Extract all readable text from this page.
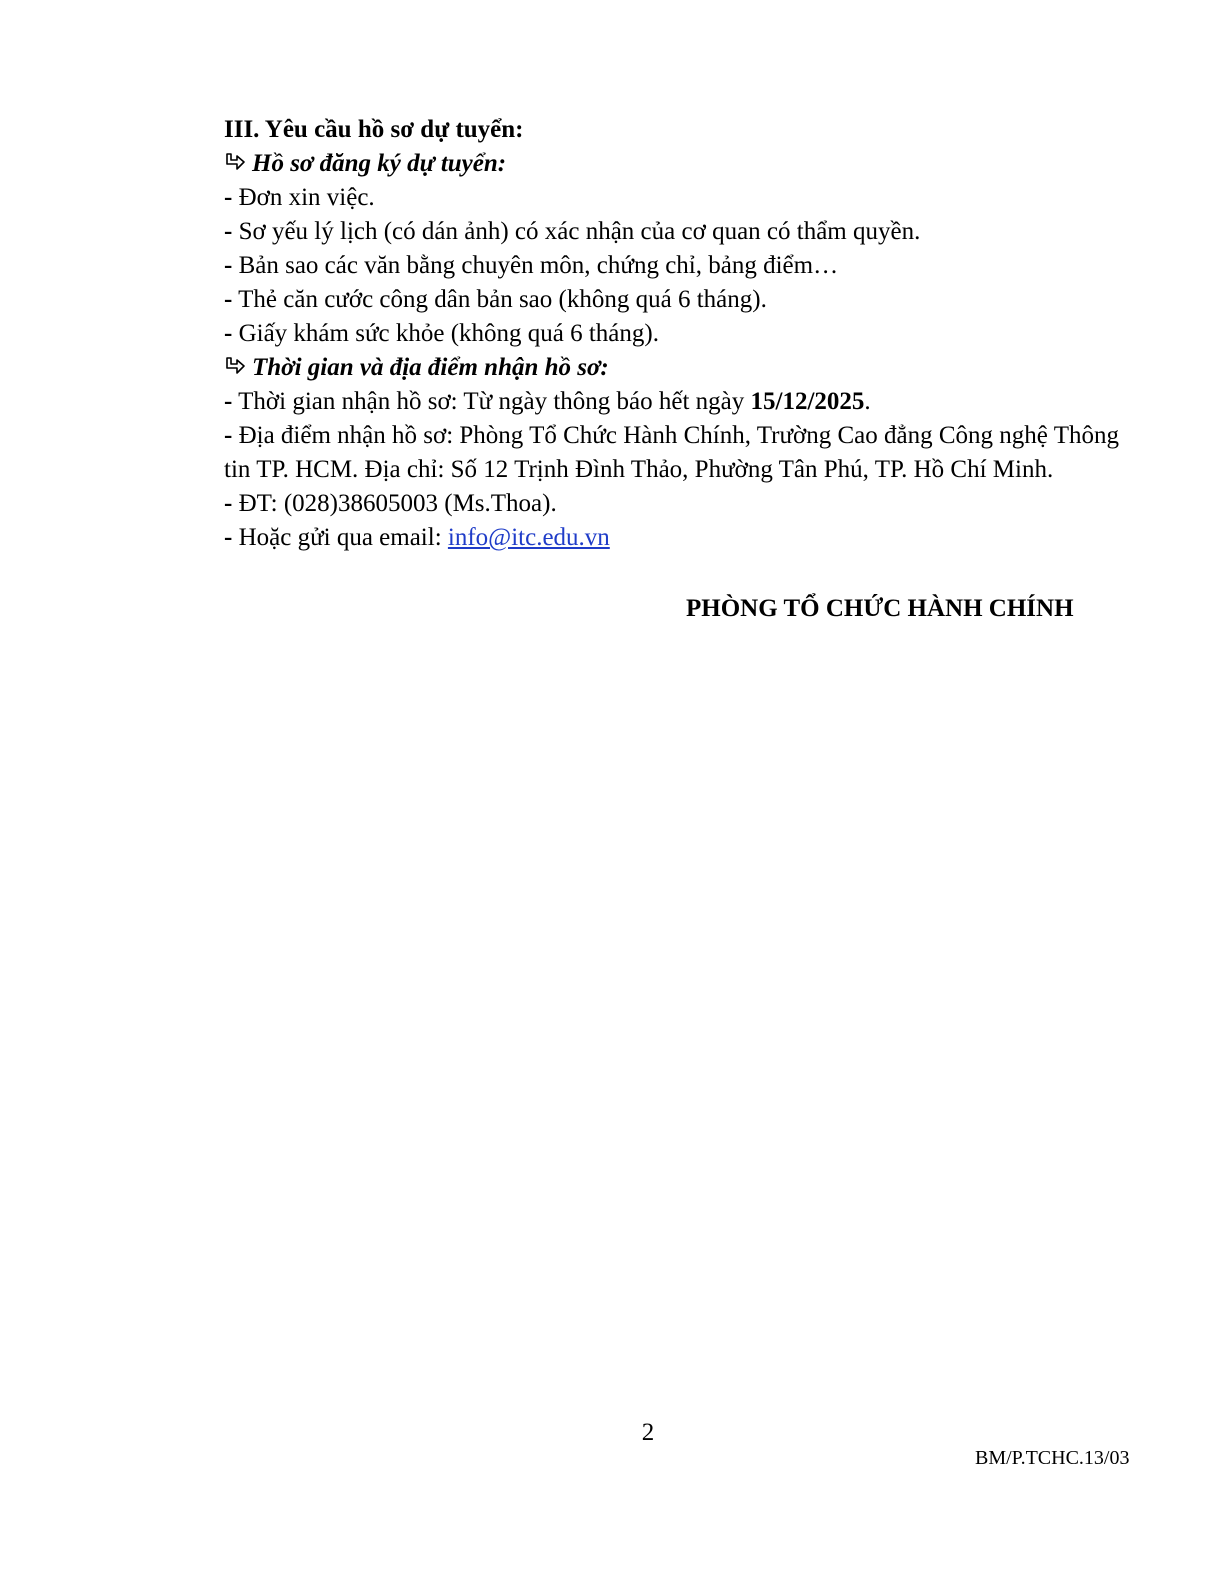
III. Yêu cầu hồ sơ dự tuyển:

Hồ sơ đăng ký dự tuyển:

- Đơn xin việc.

- Sơ yếu lý lịch (có dán ảnh) có xác nhận của cơ quan có thẩm quyền.

- Bản sao các văn bằng chuyên môn, chứng chỉ, bảng điểm…

- Thẻ căn cước công dân bản sao (không quá 6 tháng).

- Giấy khám sức khỏe (không quá 6 tháng).

Thời gian và địa điểm nhận hồ sơ:

- Thời gian nhận hồ sơ: Từ ngày thông báo hết ngày 15/12/2025.

- Địa điểm nhận hồ sơ: Phòng Tổ Chức Hành Chính, Trường Cao đẳng Công nghệ Thông tin TP. HCM. Địa chỉ: Số 12 Trịnh Đình Thảo, Phường Tân Phú, TP. Hồ Chí Minh.

- ĐT: (028)38605003 (Ms.Thoa).

- Hoặc gửi qua email: info@itc.edu.vn

PHÒNG TỔ CHỨC HÀNH CHÍNH
2
BM/P.TCHC.13/03
